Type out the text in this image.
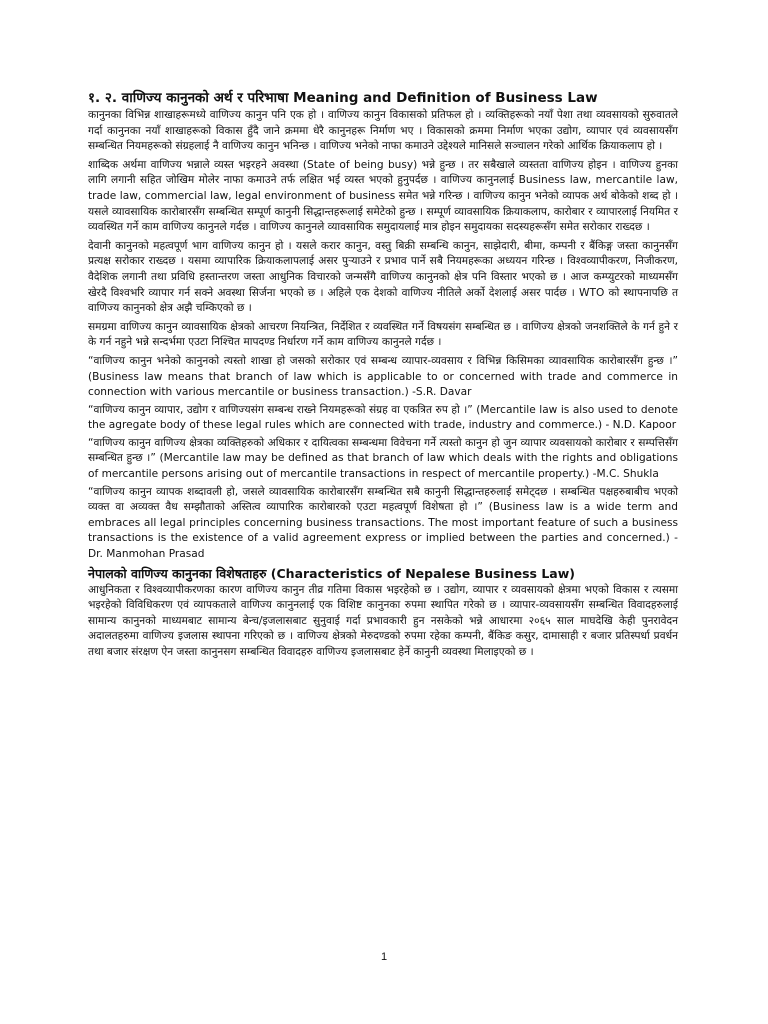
१. २. वाणिज्य कानुनको अर्थ र परिभाषा Meaning and Definition of Business Law

कानुनका विभिन्न शाखाहरूमध्ये वाणिज्य कानुन पनि एक हो । वाणिज्य कानुन विकासको प्रतिफल हो । व्यक्तिहरूको नयाँ पेशा तथा व्यवसायको सुरुवातले गर्दा कानुनका नयाँ शाखाहरूको विकास हुँदै जाने क्रममा धेरै कानुनहरू निर्माण भए । विकासको क्रममा निर्माण भएका उद्योग, व्यापार एवं व्यवसायसँग सम्बन्धित नियमहरूको संग्रहलाई नै वाणिज्य कानुन भनिन्छ । वाणिज्य भनेको नाफा कमाउने उद्देश्यले मानिसले सञ्चालन गरेको आर्थिक क्रियाकलाप हो ।

शाब्दिक अर्थमा वाणिज्य भन्नाले व्यस्त भइरहने अवस्था (State of being busy) भन्ने हुन्छ । तर सबैखाले व्यस्तता वाणिज्य होइन । वाणिज्य हुनका लागि लगानी सहित जोखिम मोलेर नाफा कमाउने तर्फ लक्षित भई व्यस्त भएको हुनुपर्दछ । वाणिज्य कानुनलाई Business law, mercantile law, trade law, commercial law, legal environment of business समेत भन्ने गरिन्छ । वाणिज्य कानुन भनेको व्यापक अर्थ बोकेको शब्द हो । यसले व्यावसायिक कारोबारसँग सम्बन्धित सम्पूर्ण कानुनी सिद्धान्तहरूलाई समेटेको हुन्छ । सम्पूर्ण व्यावसायिक क्रियाकलाप, कारोबार र व्यापारलाई नियमित र व्यवस्थित गर्ने काम वाणिज्य कानुनले गर्दछ । वाणिज्य कानुनले व्यावसायिक समुदायलाई मात्र होइन समुदायका सदस्यहरूसँग समेत सरोकार राख्दछ ।

देवानी कानुनको महत्वपूर्ण भाग वाणिज्य कानुन हो । यसले करार कानुन, वस्तु बिक्री सम्बन्धि कानुन, साझेदारी, बीमा, कम्पनी र बैंकिङ्ग जस्ता कानुनसँग प्रत्यक्ष सरोकार राख्दछ । यसमा व्यापारिक क्रियाकलापलाई असर पुऱ्याउने र प्रभाव पार्ने सबै नियमहरूका अध्ययन गरिन्छ । विश्वव्यापीकरण, निजीकरण, वैदेशिक लगानी तथा प्रविधि हस्तान्तरण जस्ता आधुनिक विचारको जन्मसँगै वाणिज्य कानुनको क्षेत्र पनि विस्तार भएको छ । आज कम्प्युटरको माध्यमसँग खेरदै विश्वभरि व्यापार गर्न सक्ने अवस्था सिर्जना भएको छ । अहिले एक देशको वाणिज्य नीतिले अर्को देशलाई असर पार्दछ । WTO को स्थापनापछि त वाणिज्य कानुनको क्षेत्र अझै चम्किएको छ ।

समग्रमा वाणिज्य कानुन व्यावसायिक क्षेत्रको आचरण नियन्त्रित, निर्देशित र व्यवस्थित गर्ने विषयसंग सम्बन्धित छ । वाणिज्य क्षेत्रको जनशक्तिले के गर्न हुने र के गर्न नहुने भन्ने सन्दर्भमा एउटा निश्चित मापदण्ड निर्धारण गर्ने काम वाणिज्य कानुनले गर्दछ ।

“वाणिज्य कानुन भनेको कानुनको त्यस्तो शाखा हो जसको सरोकार एवं सम्बन्ध व्यापार-व्यवसाय र विभिन्न किसिमका व्यावसायिक कारोबारसँग हुन्छ ।” (Business law means that branch of law which is applicable to or concerned with trade and commerce in connection with various mercantile or business transaction.) -S.R. Davar

“वाणिज्य कानुन व्यापार, उद्योग र वाणिज्यसंग सम्बन्ध राख्ने नियमहरूको संग्रह वा एकत्रित रुप हो ।” (Mercantile law is also used to denote the agregate body of these legal rules which are connected with trade, industry and commerce.) - N.D. Kapoor

“वाणिज्य कानुन वाणिज्य क्षेत्रका व्यक्तिहरुको अधिकार र दायित्वका सम्बन्धमा विवेचना गर्ने त्यस्तो कानुन हो जुन व्यापार व्यवसायको कारोबार र सम्पत्तिसँग सम्बन्धित हुन्छ ।” (Mercantile law may be defined as that branch of law which deals with the rights and obligations of mercantile persons arising out of mercantile transactions in respect of mercantile property.) -M.C. Shukla

“वाणिज्य कानुन व्यापक शब्दावली हो, जसले व्यावसायिक कारोबारसँग सम्बन्धित सबै कानुनी सिद्धान्तहरुलाई समेट्दछ । सम्बन्धित पक्षहरुबाबीच भएको व्यक्त वा अव्यक्त वैध सम्झौताको अस्तित्व व्यापारिक कारोबारको एउटा महत्वपूर्ण विशेषता हो ।” (Business law is a wide term and embraces all legal principles concerning business transactions. The most important feature of such a business transactions is the existence of a valid agreement express or implied between the parties and concerned.) - Dr. Manmohan Prasad

नेपालको वाणिज्य कानुनका विशेषताहरु (Characteristics of Nepalese Business Law)

आधुनिकता र विश्वव्यापीकरणका कारण वाणिज्य कानुन तीव्र गतिमा विकास भइरहेको छ । उद्योग, व्यापार र व्यवसायको क्षेत्रमा भएको विकास र त्यसमा भइरहेको विविधिकरण एवं व्यापकताले वाणिज्य कानुनलाई एक विशिष्ट कानुनका रुपमा स्थापित गरेको छ । व्यापार-व्यवसायसँग सम्बन्धित विवादहरुलाई सामान्य कानुनको माध्यमबाट सामान्य बेन्च/इजलासबाट सुनुवाई गर्दा प्रभावकारी हुन नसकेको भन्ने आधारमा २०६५ साल माघदेखि केही पुनरावेदन अदालतहरुमा वाणिज्य इजलास स्थापना गरिएको छ । वाणिज्य क्षेत्रको मेरुदण्डको रुपमा रहेका कम्पनी, बैंकिङ कसुर, दामासाही र बजार प्रतिस्पर्धा प्रवर्धन तथा बजार संरक्षण ऐन जस्ता कानुनसग सम्बन्धित विवादहरु वाणिज्य इजलासबाट हेर्ने कानुनी व्यवस्था मिलाइएको छ ।

1
